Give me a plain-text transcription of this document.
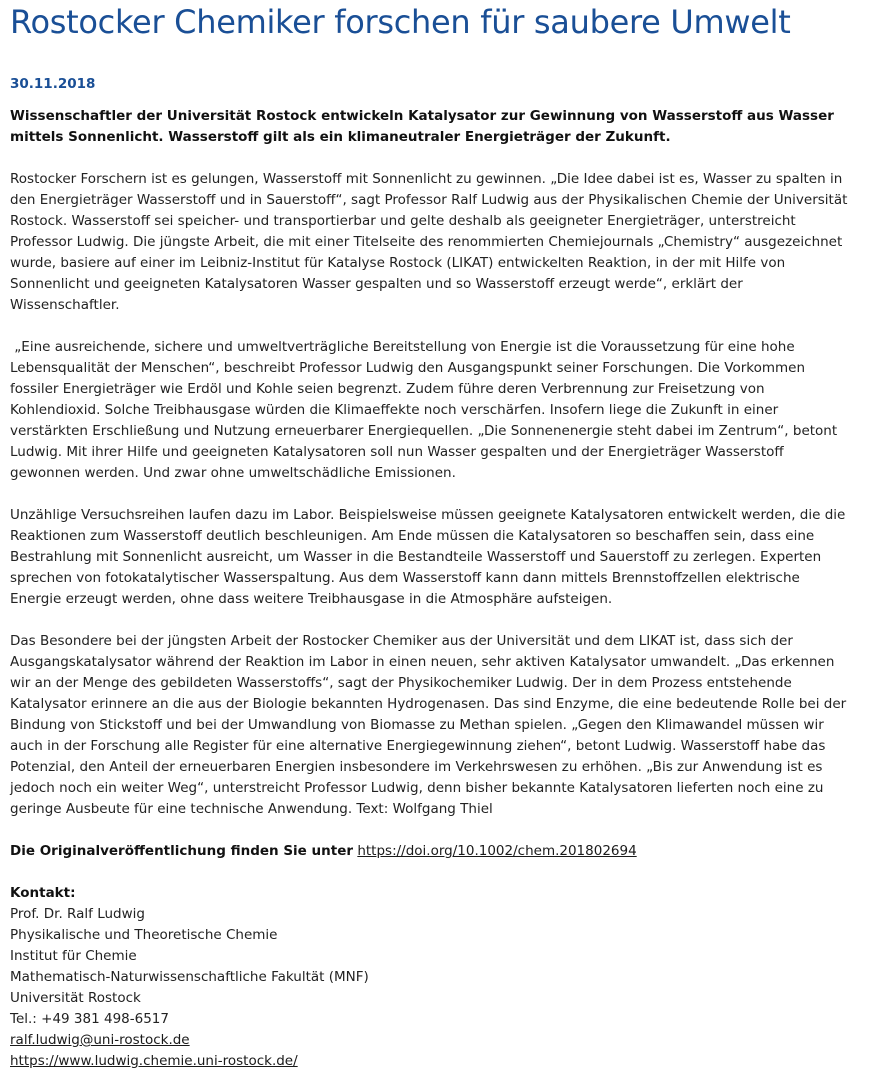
Rostocker Chemiker forschen für saubere Umwelt
30.11.2018

Wissenschaftler der Universität Rostock entwickeln Katalysator zur Gewinnung von Wasserstoff aus Wasser mittels Sonnenlicht. Wasserstoff gilt als ein klimaneutraler Energieträger der Zukunft.

Rostocker Forschern ist es gelungen, Wasserstoff mit Sonnenlicht zu gewinnen. „Die Idee dabei ist es, Wasser zu spalten in den Energieträger Wasserstoff und in Sauerstoff“, sagt Professor Ralf Ludwig aus der Physikalischen Chemie der Universität Rostock. Wasserstoff sei speicher- und transportierbar und gelte deshalb als geeigneter Energieträger, unterstreicht Professor Ludwig. Die jüngste Arbeit, die mit einer Titelseite des renommierten Chemiejournals „Chemistry“ ausgezeichnet wurde, basiere auf einer im Leibniz-Institut für Katalyse Rostock (LIKAT) entwickelten Reaktion, in der mit Hilfe von Sonnenlicht und geeigneten Katalysatoren Wasser gespalten und so Wasserstoff erzeugt werde“, erklärt der Wissenschaftler.

„Eine ausreichende, sichere und umweltverträgliche Bereitstellung von Energie ist die Voraussetzung für eine hohe Lebensqualität der Menschen“, beschreibt Professor Ludwig den Ausgangspunkt seiner Forschungen. Die Vorkommen fossiler Energieträger wie Erdöl und Kohle seien begrenzt. Zudem führe deren Verbrennung zur Freisetzung von Kohlendioxid. Solche Treibhausgase würden die Klimaeffekte noch verschärfen. Insofern liege die Zukunft in einer verstärkten Erschließung und Nutzung erneuerbarer Energiequellen. „Die Sonnenenergie steht dabei im Zentrum“, betont Ludwig. Mit ihrer Hilfe und geeigneten Katalysatoren soll nun Wasser gespalten und der Energieträger Wasserstoff gewonnen werden. Und zwar ohne umweltschädliche Emissionen.

Unzählige Versuchsreihen laufen dazu im Labor. Beispielsweise müssen geeignete Katalysatoren entwickelt werden, die die Reaktionen zum Wasserstoff deutlich beschleunigen. Am Ende müssen die Katalysatoren so beschaffen sein, dass eine Bestrahlung mit Sonnenlicht ausreicht, um Wasser in die Bestandteile Wasserstoff und Sauerstoff zu zerlegen. Experten sprechen von fotokatalytischer Wasserspaltung. Aus dem Wasserstoff kann dann mittels Brennstoffzellen elektrische Energie erzeugt werden, ohne dass weitere Treibhausgase in die Atmosphäre aufsteigen.

Das Besondere bei der jüngsten Arbeit der Rostocker Chemiker aus der Universität und dem LIKAT ist, dass sich der Ausgangskatalysator während der Reaktion im Labor in einen neuen, sehr aktiven Katalysator umwandelt. „Das erkennen wir an der Menge des gebildeten Wasserstoffs“, sagt der Physikochemiker Ludwig. Der in dem Prozess entstehende Katalysator erinnere an die aus der Biologie bekannten Hydrogenasen. Das sind Enzyme, die eine bedeutende Rolle bei der Bindung von Stickstoff und bei der Umwandlung von Biomasse zu Methan spielen. „Gegen den Klimawandel müssen wir auch in der Forschung alle Register für eine alternative Energiegewinnung ziehen“, betont Ludwig. Wasserstoff habe das Potenzial, den Anteil der erneuerbaren Energien insbesondere im Verkehrswesen zu erhöhen. „Bis zur Anwendung ist es jedoch noch ein weiter Weg“, unterstreicht Professor Ludwig, denn bisher bekannte Katalysatoren lieferten noch eine zu geringe Ausbeute für eine technische Anwendung. Text: Wolfgang Thiel

Die Originalveröffentlichung finden Sie unter https://doi.org/10.1002/chem.201802694

Kontakt:
Prof. Dr. Ralf Ludwig
Physikalische und Theoretische Chemie
Institut für Chemie
Mathematisch-Naturwissenschaftliche Fakultät (MNF)
Universität Rostock
Tel.: +49 381 498-6517
ralf.ludwig@uni-rostock.de
https://www.ludwig.chemie.uni-rostock.de/
